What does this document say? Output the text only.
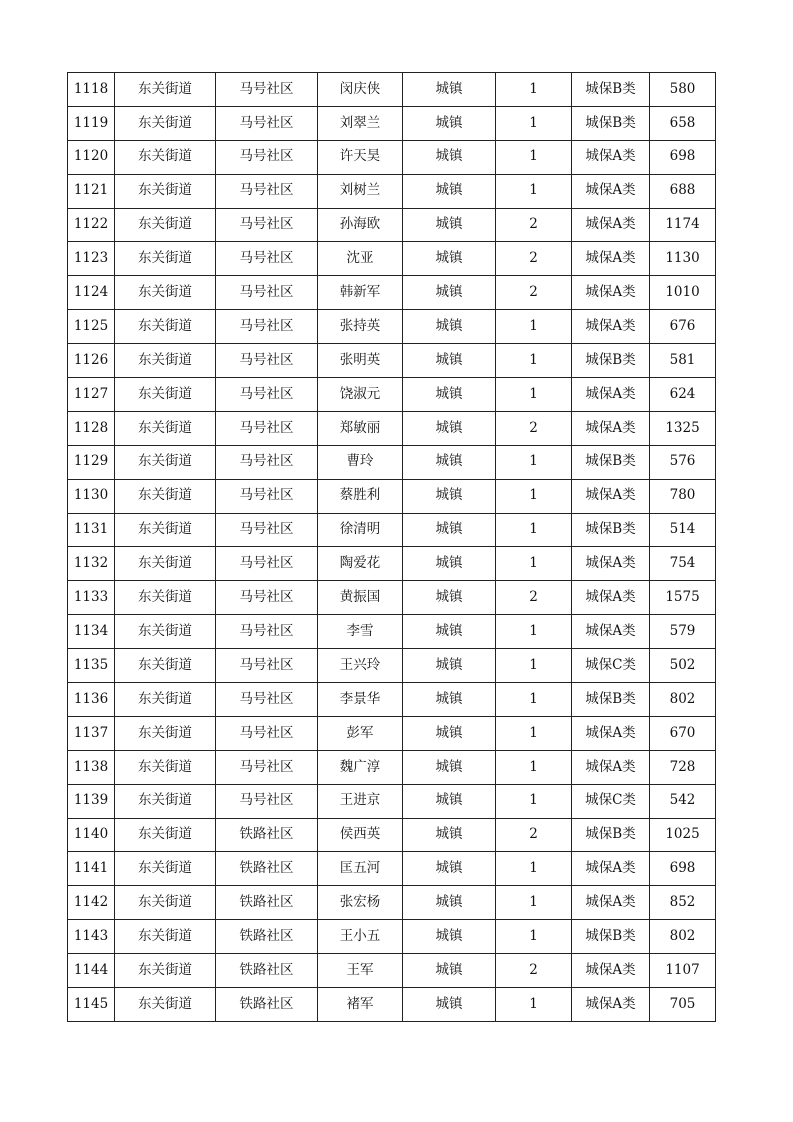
1118	东关街道	马号社区	闵庆侠	城镇	1	城保B类	580
1119	东关街道	马号社区	刘翠兰	城镇	1	城保B类	658
1120	东关街道	马号社区	许天昊	城镇	1	城保A类	698
1121	东关街道	马号社区	刘树兰	城镇	1	城保A类	688
1122	东关街道	马号社区	孙海欧	城镇	2	城保A类	1174
1123	东关街道	马号社区	沈亚	城镇	2	城保A类	1130
1124	东关街道	马号社区	韩新军	城镇	2	城保A类	1010
1125	东关街道	马号社区	张持英	城镇	1	城保A类	676
1126	东关街道	马号社区	张明英	城镇	1	城保B类	581
1127	东关街道	马号社区	饶淑元	城镇	1	城保A类	624
1128	东关街道	马号社区	郑敏丽	城镇	2	城保A类	1325
1129	东关街道	马号社区	曹玲	城镇	1	城保B类	576
1130	东关街道	马号社区	蔡胜利	城镇	1	城保A类	780
1131	东关街道	马号社区	徐清明	城镇	1	城保B类	514
1132	东关街道	马号社区	陶爱花	城镇	1	城保A类	754
1133	东关街道	马号社区	黄振国	城镇	2	城保A类	1575
1134	东关街道	马号社区	李雪	城镇	1	城保A类	579
1135	东关街道	马号社区	王兴玲	城镇	1	城保C类	502
1136	东关街道	马号社区	李景华	城镇	1	城保B类	802
1137	东关街道	马号社区	彭军	城镇	1	城保A类	670
1138	东关街道	马号社区	魏广淳	城镇	1	城保A类	728
1139	东关街道	马号社区	王进京	城镇	1	城保C类	542
1140	东关街道	铁路社区	侯西英	城镇	2	城保B类	1025
1141	东关街道	铁路社区	匡五河	城镇	1	城保A类	698
1142	东关街道	铁路社区	张宏杨	城镇	1	城保A类	852
1143	东关街道	铁路社区	王小五	城镇	1	城保B类	802
1144	东关街道	铁路社区	王军	城镇	2	城保A类	1107
1145	东关街道	铁路社区	褚军	城镇	1	城保A类	705
